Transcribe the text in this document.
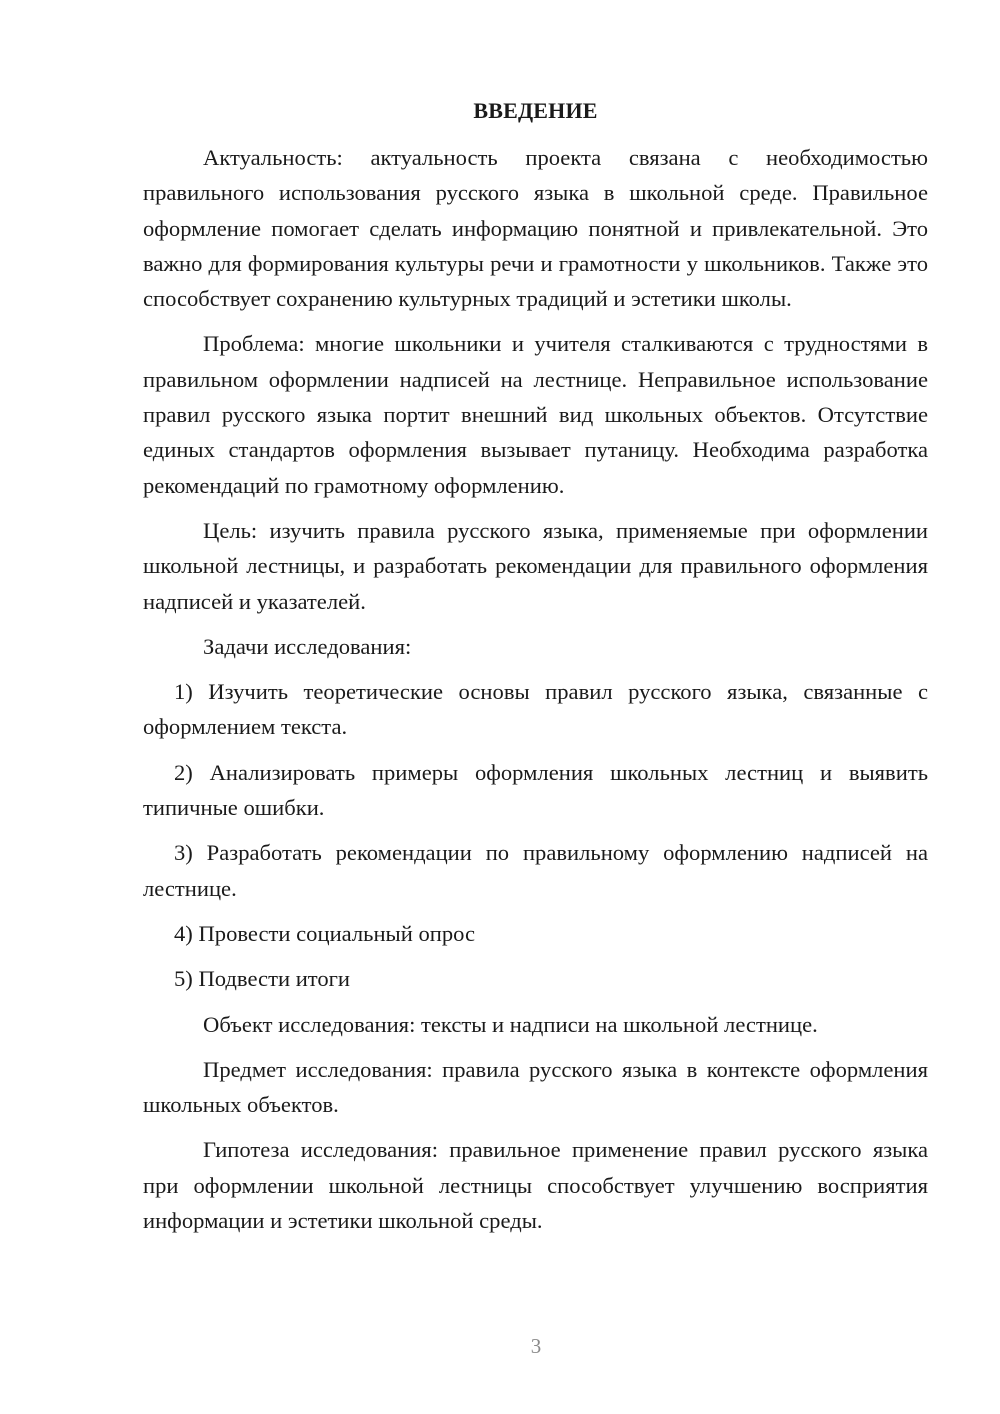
ВВЕДЕНИЕ

Актуальность: актуальность проекта связана с необходимостью правильного использования русского языка в школьной среде. Правильное оформление помогает сделать информацию понятной и привлекательной. Это важно для формирования культуры речи и грамотности у школьников. Также это способствует сохранению культурных традиций и эстетики школы.

Проблема: многие школьники и учителя сталкиваются с трудностями в правильном оформлении надписей на лестнице. Неправильное использование правил русского языка портит внешний вид школьных объектов. Отсутствие единых стандартов оформления вызывает путаницу. Необходима разработка рекомендаций по грамотному оформлению.

Цель: изучить правила русского языка, применяемые при оформлении школьной лестницы, и разработать рекомендации для правильного оформления надписей и указателей.

Задачи исследования:

1) Изучить теоретические основы правил русского языка, связанные с оформлением текста.

2) Анализировать примеры оформления школьных лестниц и выявить типичные ошибки.

3) Разработать рекомендации по правильному оформлению надписей на лестнице.

4) Провести социальный опрос

5) Подвести итоги

Объект исследования: тексты и надписи на школьной лестнице.

Предмет исследования: правила русского языка в контексте оформления школьных объектов.

Гипотеза исследования: правильное применение правил русского языка при оформлении школьной лестницы способствует улучшению восприятия информации и эстетики школьной среды.

3
